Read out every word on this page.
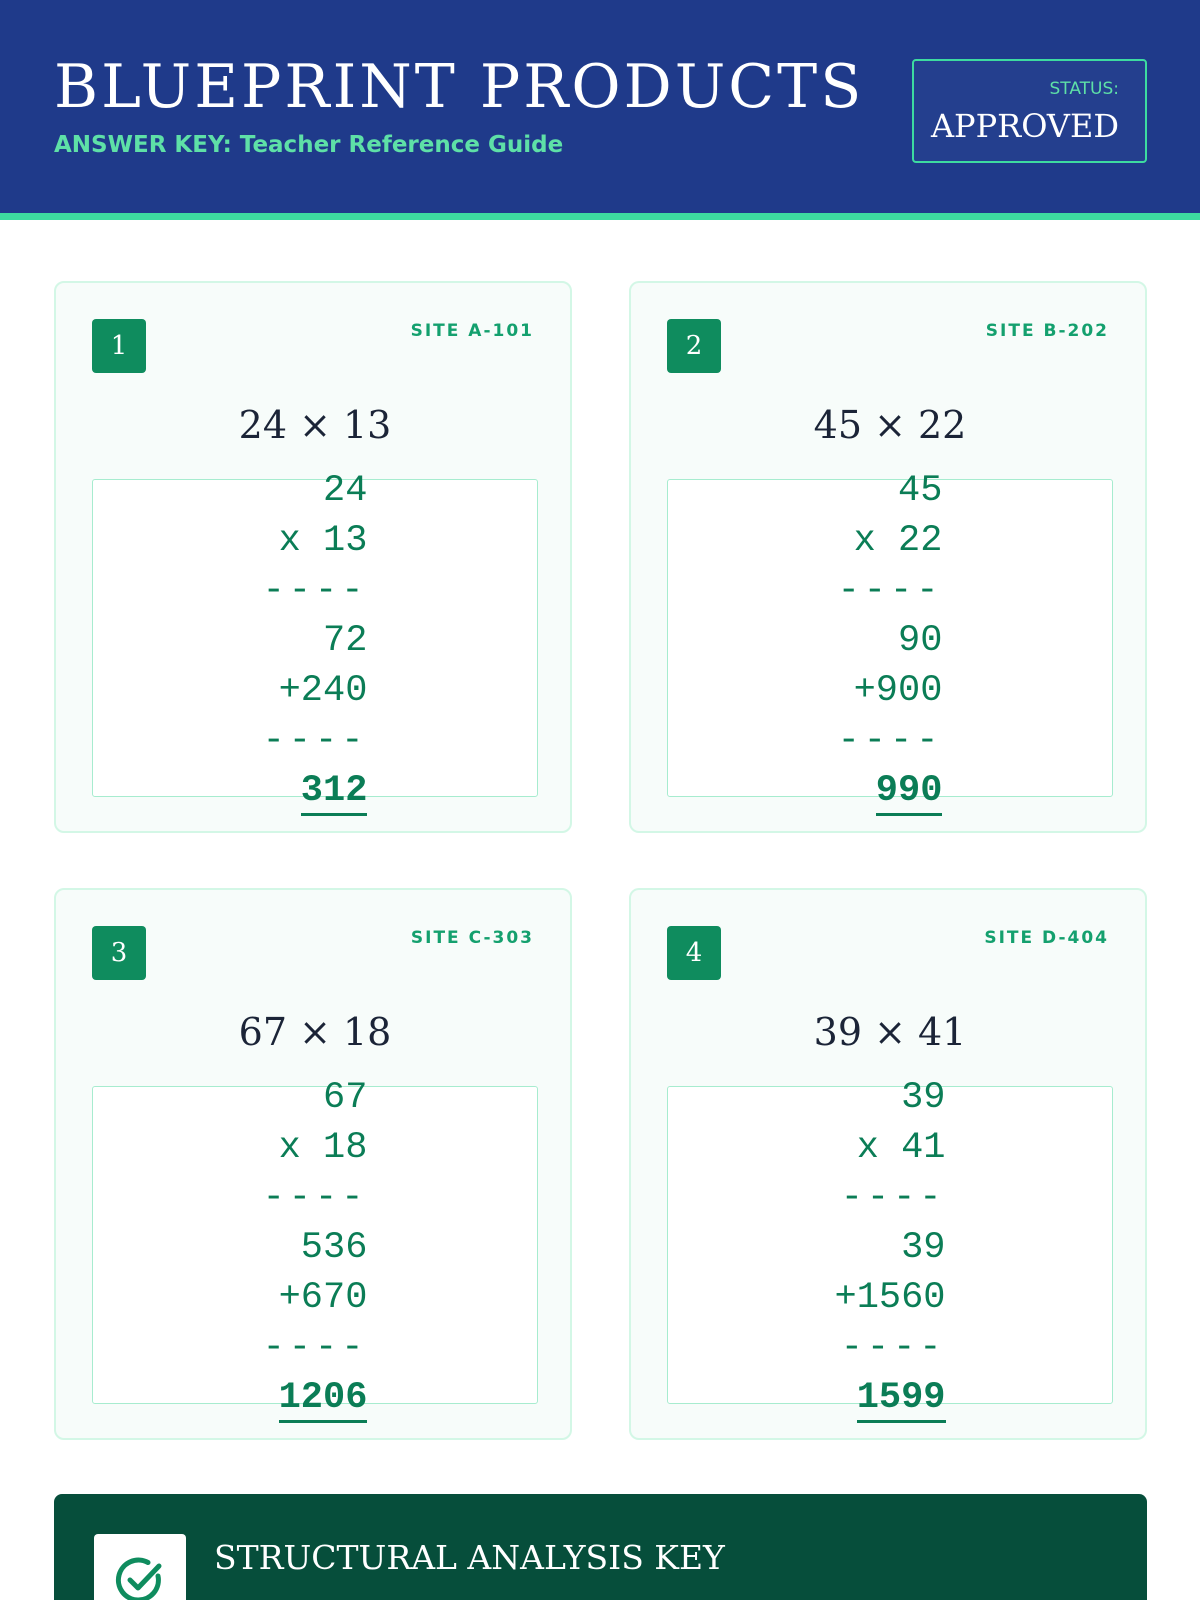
BLUEPRINT PRODUCTS
ANSWER KEY: Teacher Reference Guide
STATUS:
APPROVED
1	SITE A-101
24 × 13
24
x 13
----
72
+240
----
312
2	SITE B-202
45 × 22
45
x 22
----
90
+900
----
990
3	SITE C-303
67 × 18
67
x 18
----
536
+670
----
1206
4	SITE D-404
39 × 41
39
x 41
----
39
+1560
----
1599
STRUCTURAL ANALYSIS KEY
